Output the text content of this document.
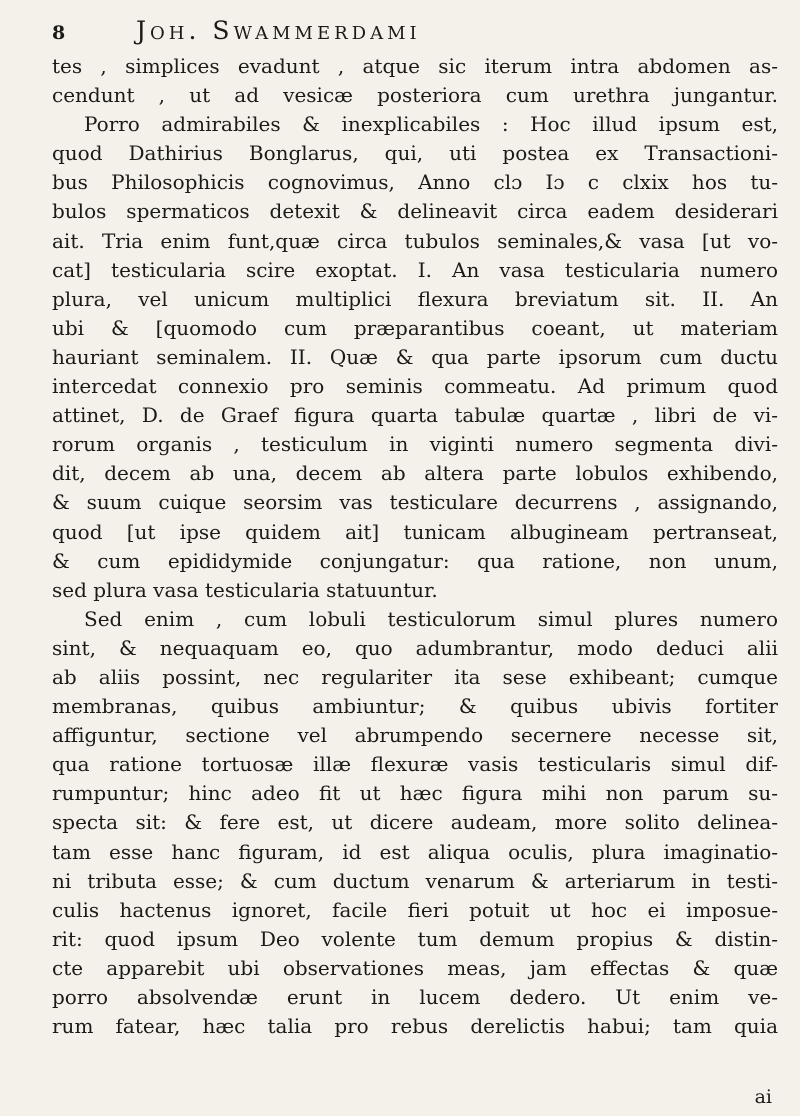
8	Joh. Swammerdami
tes , simplices evadunt , atque sic iterum intra abdomen as-
cendunt , ut ad vesicæ posteriora cum urethra jungantur.
Porro admirabiles & inexplicabiles : Hoc illud ipsum est,
quod Dathirius Bonglarus, qui, uti postea ex Transactioni-
bus Philosophicis cognovimus, Anno clɔ Iɔ c clxix hos tu-
bulos spermaticos detexit & delineavit circa eadem desiderari
ait. Tria enim funt,quæ circa tubulos seminales,& vasa [ut vo-
cat] testicularia scire exoptat. I. An vasa testicularia numero
plura, vel unicum multiplici flexura breviatum sit. II. An
ubi & [quomodo cum præparantibus coeant, ut materiam
hauriant seminalem. II. Quæ & qua parte ipsorum cum ductu
intercedat connexio pro seminis commeatu. Ad primum quod
attinet, D. de Graef figura quarta tabulæ quartæ , libri de vi-
rorum organis , testiculum in viginti numero segmenta divi-
dit, decem ab una, decem ab altera parte lobulos exhibendo,
& suum cuique seorsim vas testiculare decurrens , assignando,
quod [ut ipse quidem ait] tunicam albugineam pertranseat,
& cum epididymide conjungatur: qua ratione, non unum,
sed plura vasa testicularia statuuntur.
Sed enim , cum lobuli testiculorum simul plures numero
sint, & nequaquam eo, quo adumbrantur, modo deduci alii
ab aliis possint, nec regulariter ita sese exhibeant; cumque
membranas, quibus ambiuntur; & quibus ubivis fortiter
affiguntur, sectione vel abrumpendo secernere necesse sit,
qua ratione tortuosæ illæ flexuræ vasis testicularis simul dif-
rumpuntur; hinc adeo fit ut hæc figura mihi non parum su-
specta sit: & fere est, ut dicere audeam, more solito delinea-
tam esse hanc figuram, id est aliqua oculis, plura imaginatio-
ni tributa esse; & cum ductum venarum & arteriarum in testi-
culis hactenus ignoret, facile fieri potuit ut hoc ei imposue-
rit: quod ipsum Deo volente tum demum propius & distin-
cte apparebit ubi observationes meas, jam effectas & quæ
porro absolvendæ erunt in lucem dedero. Ut enim ve-
rum fatear, hæc talia pro rebus derelictis habui; tam quia
ai
